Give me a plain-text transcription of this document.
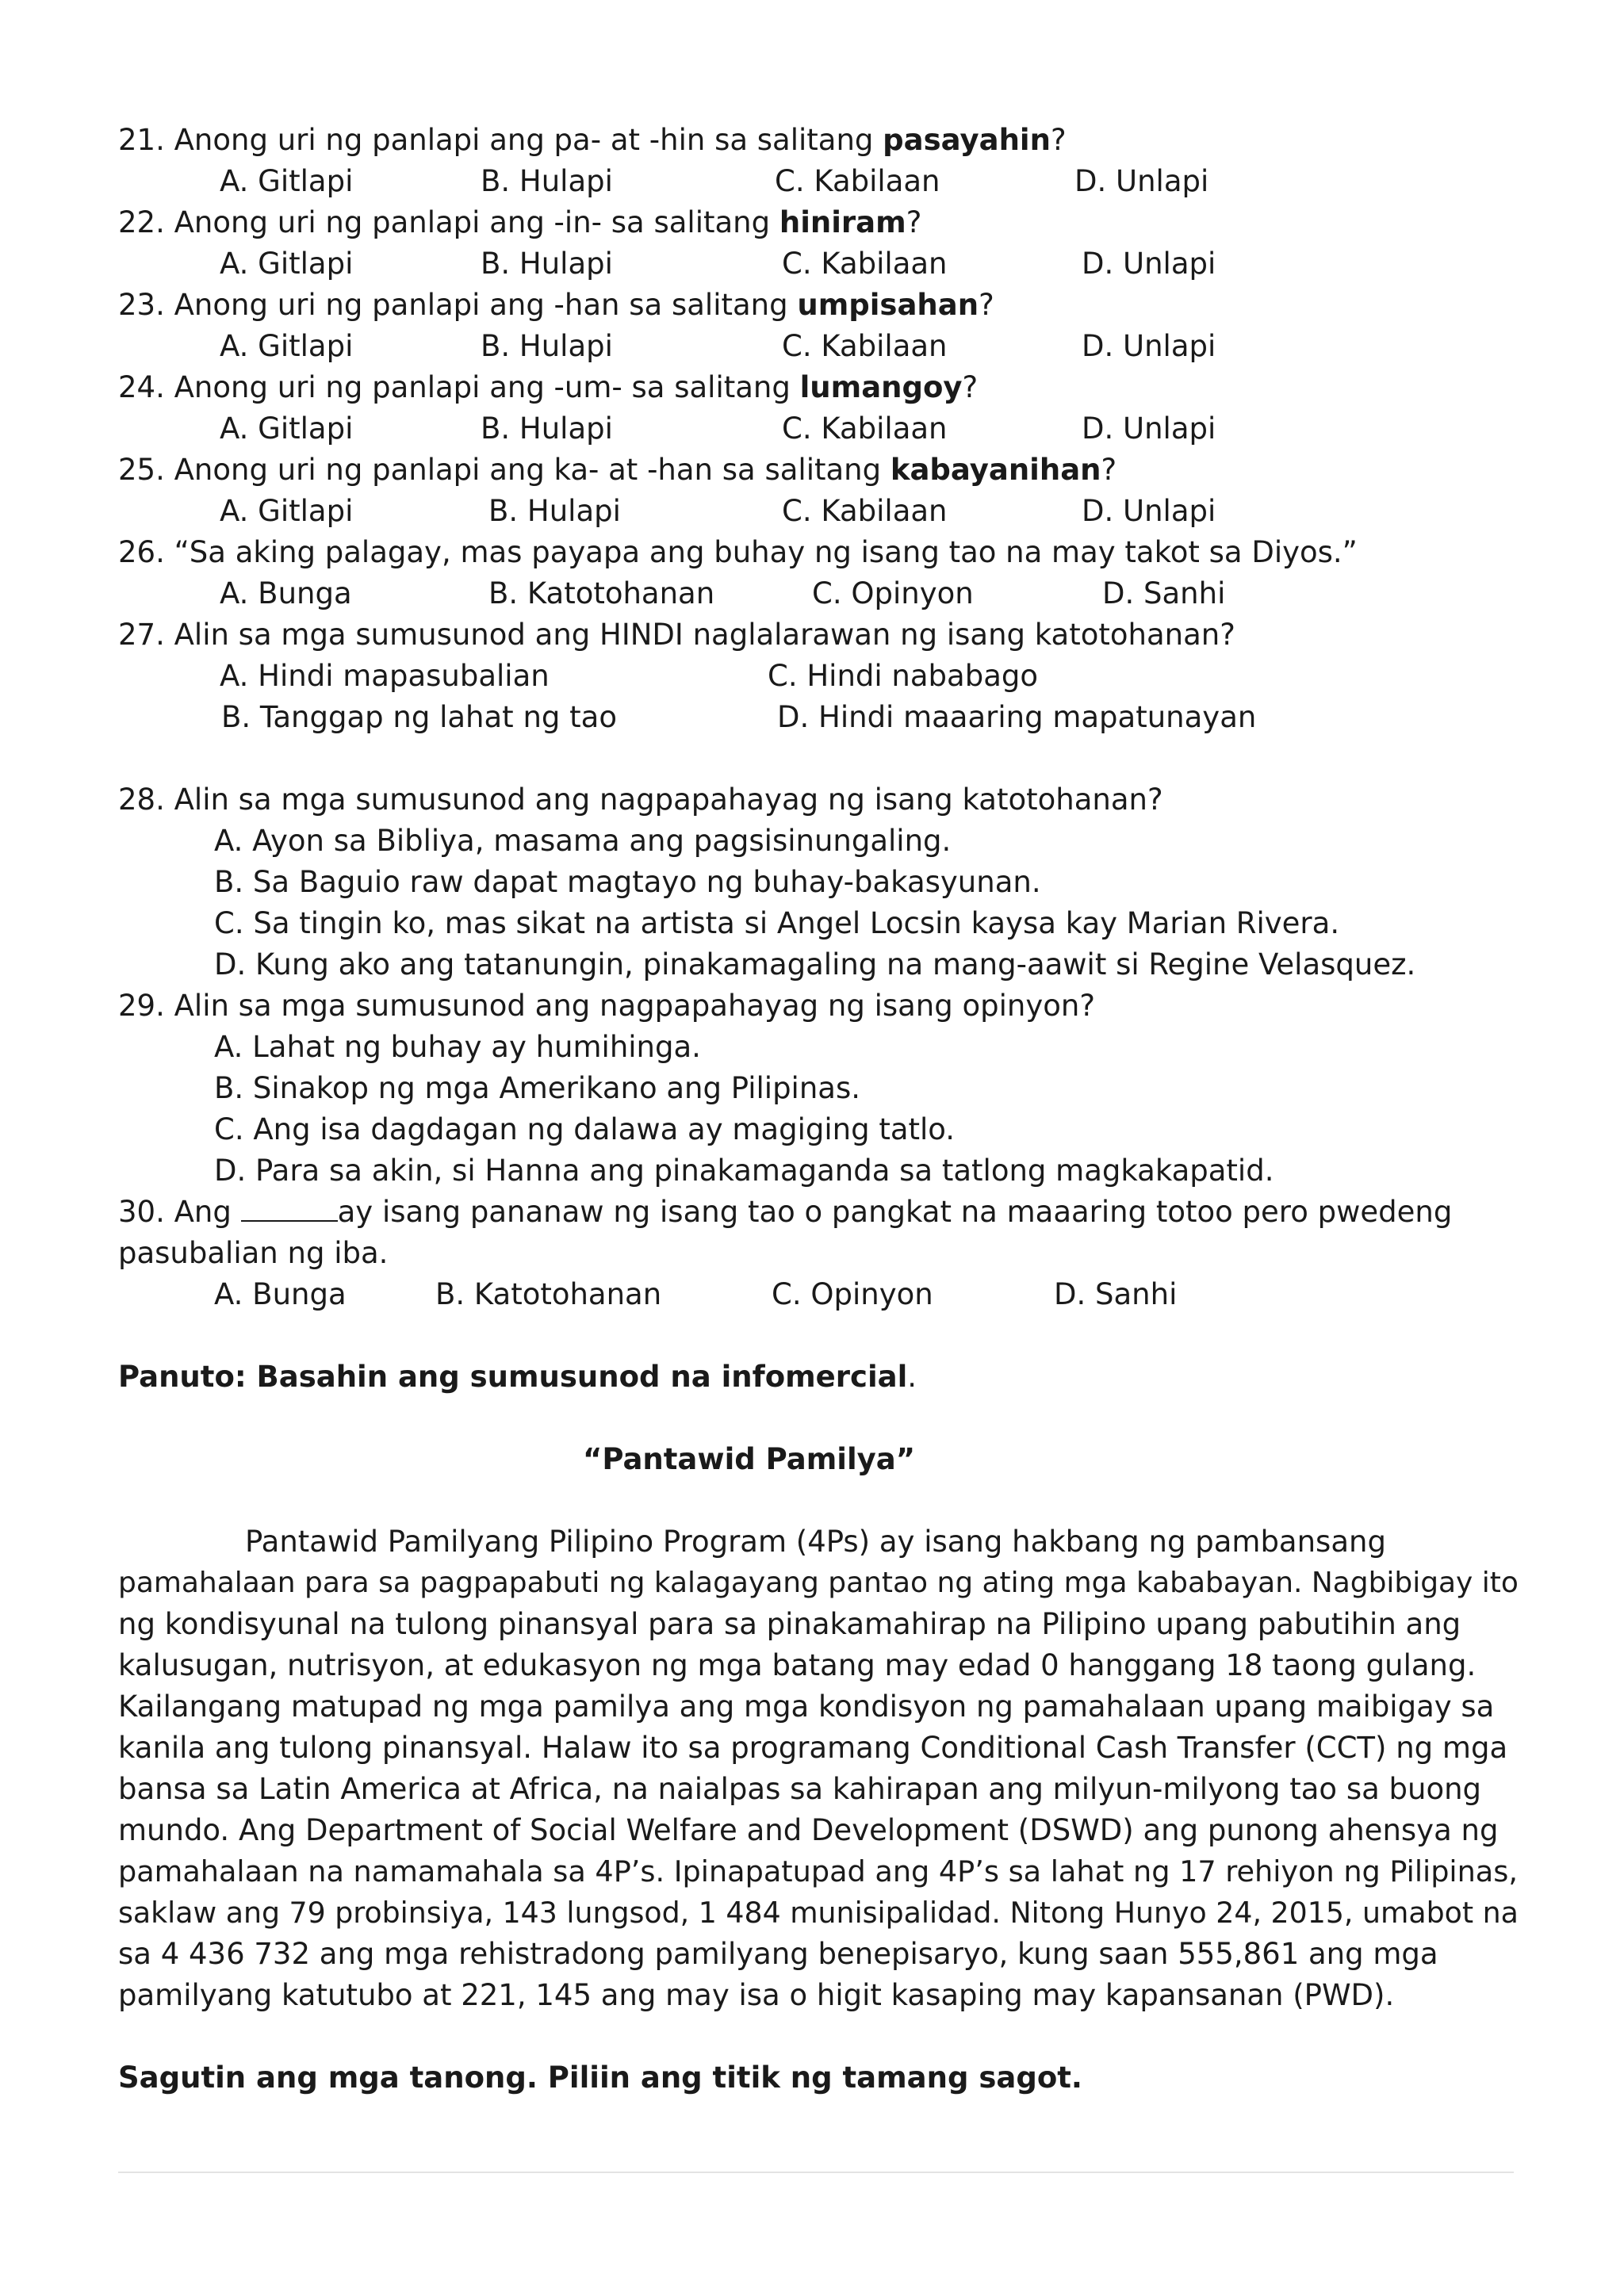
21. Anong uri ng panlapi ang pa- at -hin sa salitang pasayahin?
A. Gitlapi	B. Hulapi	C. Kabilaan	D. Unlapi
22. Anong uri ng panlapi ang -in- sa salitang hiniram?
A. Gitlapi	B. Hulapi	C. Kabilaan	D. Unlapi
23. Anong uri ng panlapi ang -han sa salitang umpisahan?
A. Gitlapi	B. Hulapi	C. Kabilaan	D. Unlapi
24. Anong uri ng panlapi ang -um- sa salitang lumangoy?
A. Gitlapi	B. Hulapi	C. Kabilaan	D. Unlapi
25. Anong uri ng panlapi ang ka- at -han sa salitang kabayanihan?
A. Gitlapi	B. Hulapi	C. Kabilaan	D. Unlapi
26. “Sa aking palagay, mas payapa ang buhay ng isang tao na may takot sa Diyos.”
A. Bunga	B. Katotohanan	C. Opinyon	D. Sanhi
27. Alin sa mga sumusunod ang HINDI naglalarawan ng isang katotohanan?
A. Hindi mapasubalian	C. Hindi nababago
B. Tanggap ng lahat ng tao	D. Hindi maaaring mapatunayan
28. Alin sa mga sumusunod ang nagpapahayag ng isang katotohanan?
A. Ayon sa Bibliya, masama ang pagsisinungaling.
B. Sa Baguio raw dapat magtayo ng buhay-bakasyunan.
C. Sa tingin ko, mas sikat na artista si Angel Locsin kaysa kay Marian Rivera.
D. Kung ako ang tatanungin, pinakamagaling na mang-aawit si Regine Velasquez.
29. Alin sa mga sumusunod ang nagpapahayag ng isang opinyon?
A. Lahat ng buhay ay humihinga.
B. Sinakop ng mga Amerikano ang Pilipinas.
C. Ang isa dagdagan ng dalawa ay magiging tatlo.
D. Para sa akin, si Hanna ang pinakamaganda sa tatlong magkakapatid.
30. Ang	ay isang pananaw ng isang tao o pangkat na maaaring totoo pero pwedeng
pasubalian ng iba.
A. Bunga	B. Katotohanan	C. Opinyon	D. Sanhi
Panuto: Basahin ang sumusunod na infomercial.
“Pantawid Pamilya”
Pantawid Pamilyang Pilipino Program (4Ps) ay isang hakbang ng pambansang
pamahalaan para sa pagpapabuti ng kalagayang pantao ng ating mga kababayan. Nagbibigay ito
ng kondisyunal na tulong pinansyal para sa pinakamahirap na Pilipino upang pabutihin ang
kalusugan, nutrisyon, at edukasyon ng mga batang may edad 0 hanggang 18 taong gulang.
Kailangang matupad ng mga pamilya ang mga kondisyon ng pamahalaan upang maibigay sa
kanila ang tulong pinansyal. Halaw ito sa programang Conditional Cash Transfer (CCT) ng mga
bansa sa Latin America at Africa, na naialpas sa kahirapan ang milyun-milyong tao sa buong
mundo. Ang Department of Social Welfare and Development (DSWD) ang punong ahensya ng
pamahalaan na namamahala sa 4P’s. Ipinapatupad ang 4P’s sa lahat ng 17 rehiyon ng Pilipinas,
saklaw ang 79 probinsiya, 143 lungsod, 1 484 munisipalidad. Nitong Hunyo 24, 2015, umabot na
sa 4 436 732 ang mga rehistradong pamilyang benepisaryo, kung saan 555,861 ang mga
pamilyang katutubo at 221, 145 ang may isa o higit kasaping may kapansanan (PWD).
Sagutin ang mga tanong. Piliin ang titik ng tamang sagot.
